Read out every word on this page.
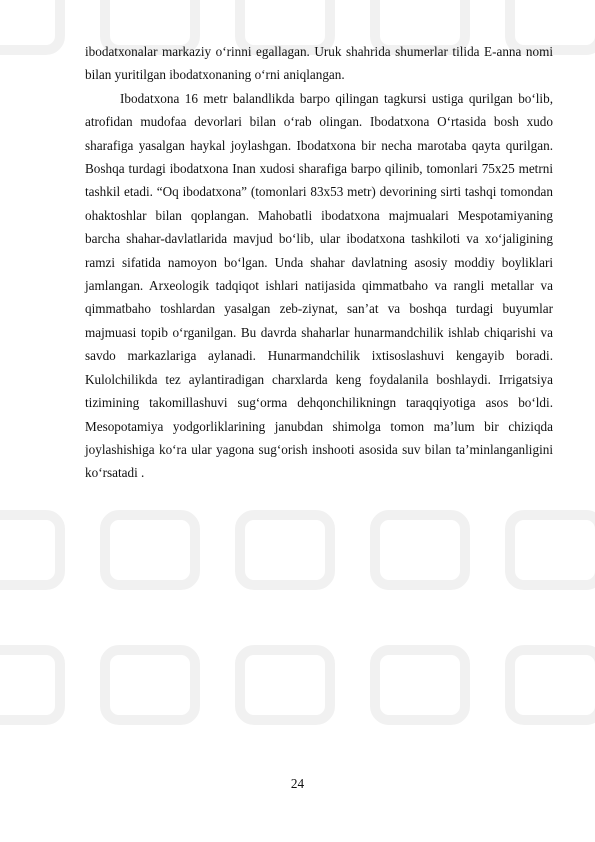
ibodatxonalar markaziy o‘rinni egallagan. Uruk shahrida shumerlar tilida E-anna nomi bilan yuritilgan ibodatxonaning o‘rni aniqlangan.

Ibodatxona 16 metr balandlikda barpo qilingan tagkursi ustiga qurilgan bo‘lib, atrofidan mudofaa devorlari bilan o‘rab olingan. Ibodatxona O‘rtasida bosh xudo sharafiga yasalgan haykal joylashgan. Ibodatxona bir necha marotaba qayta qurilgan. Boshqa turdagi ibodatxona Inan xudosi sharafiga barpo qilinib, tomonlari 75x25 metrni tashkil etadi. “Oq ibodatxona” (tomonlari 83x53 metr) devorining sirti tashqi tomondan ohaktoshlar bilan qoplangan. Mahobatli ibodatxona majmualari Mespotamiyaning barcha shahar-davlatlarida mavjud bo‘lib, ular ibodatxona tashkiloti va xo‘jaligining ramzi sifatida namoyon bo‘lgan. Unda shahar davlatning asosiy moddiy boyliklari jamlangan. Arxeologik tadqiqot ishlari natijasida qimmatbaho va rangli metallar va qimmatbaho toshlardan yasalgan zeb-ziynat, san’at va boshqa turdagi buyumlar majmuasi topib o‘rganilgan. Bu davrda shaharlar hunarmandchilik ishlab chiqarishi va savdo markazlariga aylanadi. Hunarmandchilik ixtisoslashuvi kengayib boradi. Kulolchilikda tez aylantiradigan charxlarda keng foydalanila boshlaydi. Irrigatsiya tizimining takomillashuvi sug‘orma dehqonchilikningn taraqqiyotiga asos bo‘ldi. Mesopotamiya yodgorliklarining janubdan shimolga tomon ma’lum bir chiziqda joylashishiga ko‘ra ular yagona sug‘orish inshooti asosida suv bilan ta’minlanganligini ko‘rsatadi .

24
